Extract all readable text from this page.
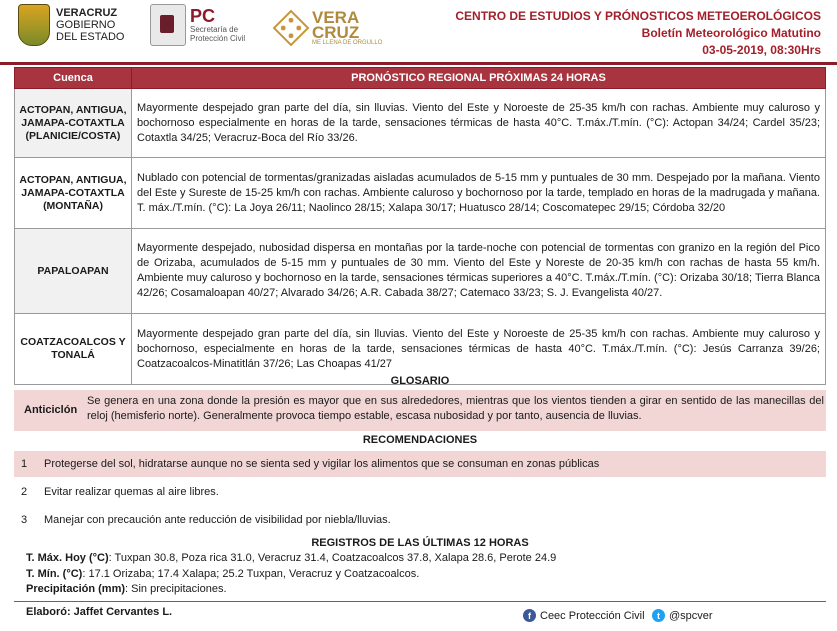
VERACRUZ
GOBIERNO
DEL ESTADO
PC
Secretaría de
Protección Civil
VERA
CRUZ
ME LLENA DE ORGULLO
CENTRO DE ESTUDIOS Y PRÓNOSTICOS METEOEROLÓGICOS
Boletín Meteorológico Matutino
03-05-2019, 08:30Hrs
Cuenca	PRONÓSTICO REGIONAL PRÓXIMAS 24 HORAS
ACTOPAN, ANTIGUA, JAMAPA-COTAXTLA (PLANICIE/COSTA)	Mayormente despejado gran parte del día, sin lluvias. Viento del Este y Noroeste de 25-35 km/h con rachas. Ambiente muy caluroso y bochornoso especialmente en horas de la tarde, sensaciones térmicas de hasta 40°C. T.máx./T.mín. (°C): Actopan 34/24; Cardel 35/23; Cotaxtla 34/25; Veracruz-Boca del Río 33/26.
ACTOPAN, ANTIGUA, JAMAPA-COTAXTLA (MONTAÑA)	Nublado con potencial de tormentas/granizadas aisladas acumulados de 5-15 mm y puntuales de 30 mm. Despejado por la mañana. Viento del Este y Sureste de 15-25 km/h con rachas. Ambiente caluroso y bochornoso por la tarde, templado en horas de la madrugada y mañana. T. máx./T.mín. (°C): La Joya 26/11; Naolinco 28/15; Xalapa 30/17; Huatusco 28/14; Coscomatepec 29/15; Córdoba 32/20
PAPALOAPAN	Mayormente despejado, nubosidad dispersa en montañas por la tarde-noche con potencial de tormentas con granizo en la región del Pico de Orizaba, acumulados de 5-15 mm y puntuales de 30 mm. Viento del Este y Noreste de 20-35 km/h con rachas de hasta 55 km/h. Ambiente muy caluroso y bochornoso en la tarde, sensaciones térmicas superiores a 40°C. T.máx./T.mín. (°C): Orizaba 30/18; Tierra Blanca 42/26; Cosamaloapan 40/27; Alvarado 34/26; A.R. Cabada 38/27; Catemaco 33/23; S. J. Evangelista 40/27.
COATZACOALCOS Y TONALÁ	Mayormente despejado gran parte del día, sin lluvias. Viento del Este y Noroeste de 25-35 km/h con rachas. Ambiente muy caluroso y bochornoso, especialmente en horas de la tarde, sensaciones térmicas de hasta 40°C. T.máx./T.mín. (°C): Jesús Carranza 39/26; Coatzacoalcos-Minatitlán 37/26; Las Choapas 41/27
GLOSARIO
Anticiclón
Se genera en una zona donde la presión es mayor que en sus alrededores, mientras que los vientos tienden a girar en sentido de las manecillas del reloj (hemisferio norte). Generalmente provoca tiempo estable, escasa nubosidad y por tanto, ausencia de lluvias.
RECOMENDACIONES
1 Protegerse del sol, hidratarse aunque no se sienta sed y vigilar los alimentos que se consuman en zonas públicas
2 Evitar realizar quemas al aire libres.
3 Manejar con precaución ante reducción de visibilidad por niebla/lluvias.
REGISTROS DE LAS ÚLTIMAS 12 HORAS
T. Máx. Hoy (°C): Tuxpan 30.8, Poza rica 31.0, Veracruz 31.4, Coatzacoalcos 37.8, Xalapa 28.6, Perote 24.9
T. Mín. (°C): 17.1 Orizaba; 17.4 Xalapa; 25.2 Tuxpan, Veracruz y Coatzacoalcos.
Precipitación (mm): Sin precipitaciones.
Elaboró: Jaffet Cervantes L.	f Ceec Protección Civil	t @spcver
